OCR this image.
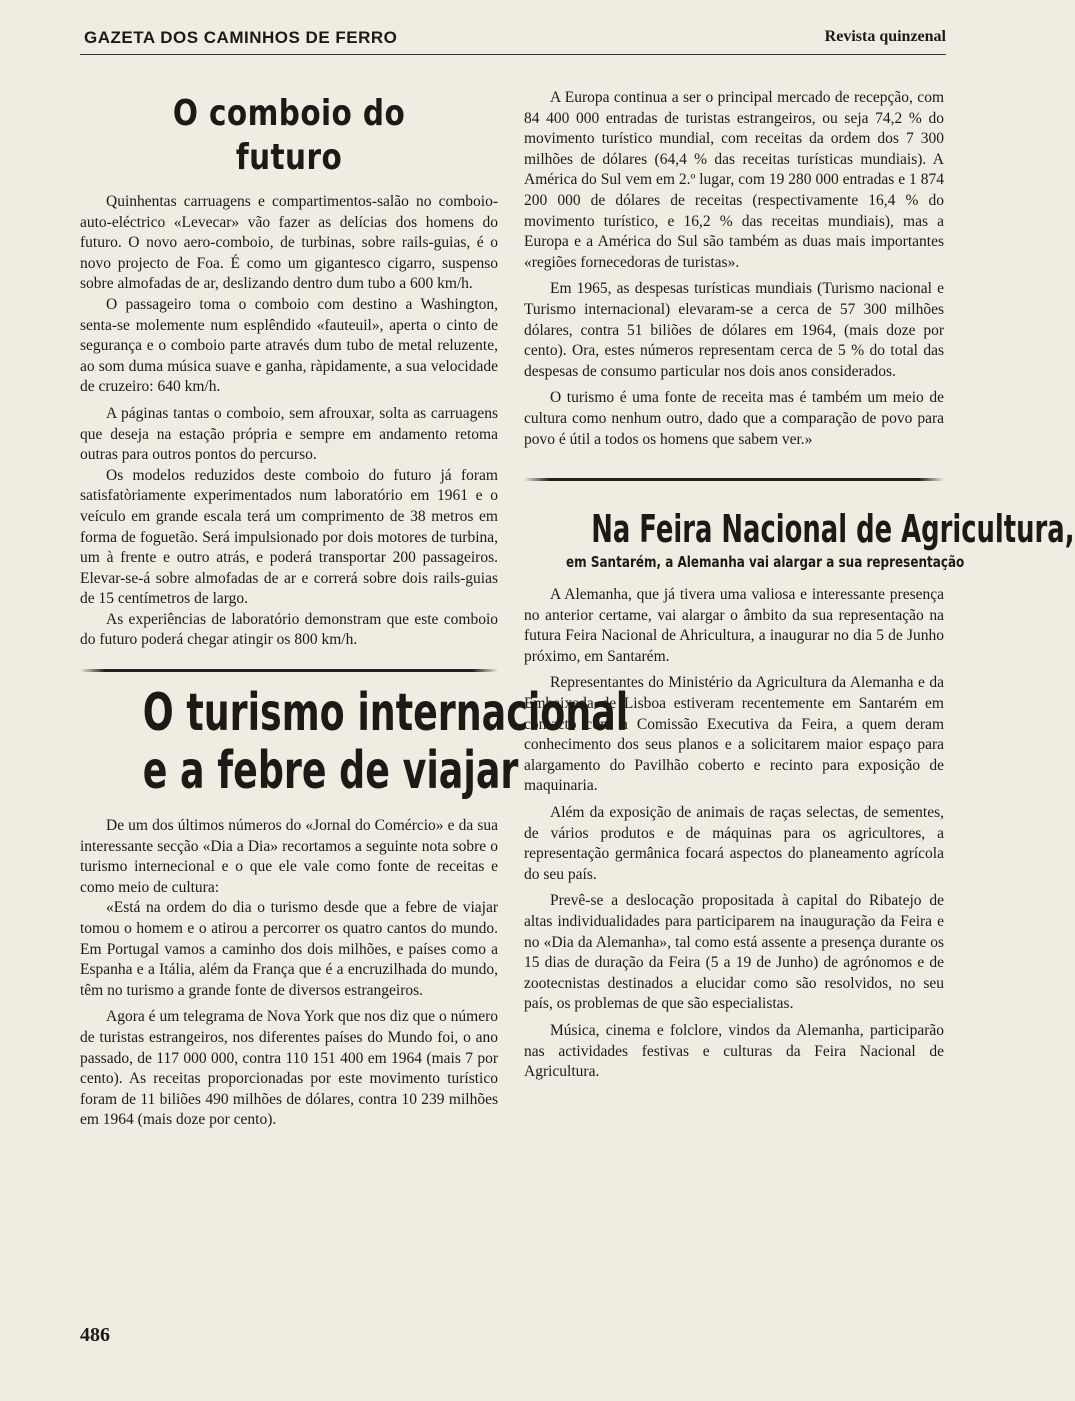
GAZETA DOS CAMINHOS DE FERRO	Revista quinzenal
O comboio do futuro

Quinhentas carruagens e compartimentos-salão no comboio-auto-eléctrico «Levecar» vão fazer as delícias dos homens do futuro. O novo aero-comboio, de turbinas, sobre rails-guias, é o novo projecto de Foa. É como um gigantesco cigarro, suspenso sobre almofadas de ar, deslizando dentro dum tubo a 600 km/h.

O passageiro toma o comboio com destino a Washington, senta-se molemente num esplêndido «fauteuil», aperta o cinto de segurança e o comboio parte através dum tubo de metal reluzente, ao som duma música suave e ganha, ràpidamente, a sua velocidade de cruzeiro: 640 km/h.

A páginas tantas o comboio, sem afrouxar, solta as carruagens que deseja na estação própria e sempre em andamento retoma outras para outros pontos do percurso.

Os modelos reduzidos deste comboio do futuro já foram satisfatòriamente experimentados num laboratório em 1961 e o veículo em grande escala terá um comprimento de 38 metros em forma de foguetão. Será impulsionado por dois motores de turbina, um à frente e outro atrás, e poderá transportar 200 passageiros. Elevar-se-á sobre almofadas de ar e correrá sobre dois rails-guias de 15 centímetros de largo.

As experiências de laboratório demonstram que este comboio do futuro poderá chegar atingir os 800 km/h.

O turismo internacional
e a febre de viajar

De um dos últimos números do «Jornal do Comércio» e da sua interessante secção «Dia a Dia» recortamos a seguinte nota sobre o turismo internecional e o que ele vale como fonte de receitas e como meio de cultura:

«Está na ordem do dia o turismo desde que a febre de viajar tomou o homem e o atirou a percorrer os quatro cantos do mundo. Em Portugal vamos a caminho dos dois milhões, e países como a Espanha e a Itália, além da França que é a encruzilhada do mundo, têm no turismo a grande fonte de diversos estrangeiros.

Agora é um telegrama de Nova York que nos diz que o número de turistas estrangeiros, nos diferentes países do Mundo foi, o ano passado, de 117 000 000, contra 110 151 400 em 1964 (mais 7 por cento). As receitas proporcionadas por este movimento turístico foram de 11 biliões 490 milhões de dólares, contra 10 239 milhões em 1964 (mais doze por cento).

A Europa continua a ser o principal mercado de recepção, com 84 400 000 entradas de turistas estrangeiros, ou seja 74,2 % do movimento turístico mundial, com receitas da ordem dos 7 300 milhões de dólares (64,4 % das receitas turísticas mundiais). A América do Sul vem em 2.º lugar, com 19 280 000 entradas e 1 874 200 000 de dólares de receitas (respectivamente 16,4 % do movimento turístico, e 16,2 % das receitas mundiais), mas a Europa e a América do Sul são também as duas mais importantes «regiões fornecedoras de turistas».

Em 1965, as despesas turísticas mundiais (Turismo nacional e Turismo internacional) elevaram-se a cerca de 57 300 milhões dólares, contra 51 biliões de dólares em 1964, (mais doze por cento). Ora, estes números representam cerca de 5 % do total das despesas de consumo particular nos dois anos considerados.

O turismo é uma fonte de receita mas é também um meio de cultura como nenhum outro, dado que a comparação de povo para povo é útil a todos os homens que sabem ver.»

Na Feira Nacional de Agricultura,
em Santarém, a Alemanha vai alargar a sua representação

A Alemanha, que já tivera uma valiosa e interessante presença no anterior certame, vai alargar o âmbito da sua representação na futura Feira Nacional de Ahricultura, a inaugurar no dia 5 de Junho próximo, em Santarém.

Representantes do Ministério da Agricultura da Alemanha e da Embaixada de Lisboa estiveram recentemente em Santarém em contacto com a Comissão Executiva da Feira, a quem deram conhecimento dos seus planos e a solicitarem maior espaço para alargamento do Pavilhão coberto e recinto para exposição de maquinaria.

Além da exposição de animais de raças selectas, de sementes, de vários produtos e de máquinas para os agricultores, a representação germânica focará aspectos do planeamento agrícola do seu país.

Prevê-se a deslocação propositada à capital do Ribatejo de altas individualidades para participarem na inauguração da Feira e no «Dia da Alemanha», tal como está assente a presença durante os 15 dias de duração da Feira (5 a 19 de Junho) de agrónomos e de zootecnistas destinados a elucidar como são resolvidos, no seu país, os problemas de que são especialistas.

Música, cinema e folclore, vindos da Alemanha, participarão nas actividades festivas e culturas da Feira Nacional de Agricultura.

486
